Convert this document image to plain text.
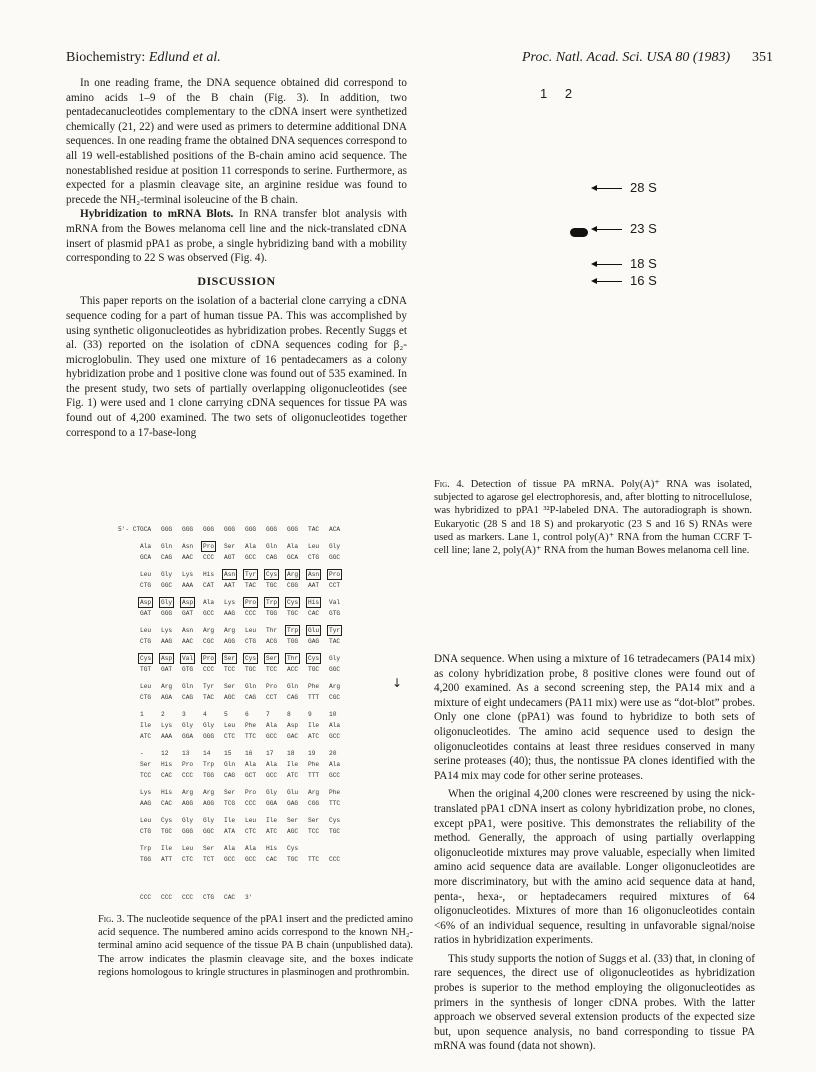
Biochemistry: Edlund et al.	Proc. Natl. Acad. Sci. USA 80 (1983) 351

In one reading frame, the DNA sequence obtained did correspond to amino acids 1–9 of the B chain (Fig. 3). In addition, two pentadecanucleotides complementary to the cDNA insert were synthetized chemically (21, 22) and were used as primers to determine additional DNA sequences. In one reading frame the obtained DNA sequences correspond to all 19 well-established positions of the B-chain amino acid sequence. The nonestablished residue at position 11 corresponds to serine. Furthermore, as expected for a plasmin cleavage site, an arginine residue was found to precede the NH₂-terminal isoleucine of the B chain.

Hybridization to mRNA Blots. In RNA transfer blot analysis with mRNA from the Bowes melanoma cell line and the nick-translated cDNA insert of plasmid pPA1 as probe, a single hybridizing band with a mobility corresponding to 22 S was observed (Fig. 4).

DISCUSSION

This paper reports on the isolation of a bacterial clone carrying a cDNA sequence coding for a part of human tissue PA. This was accomplished by using synthetic oligonucleotides as hybridization probes. Recently Suggs et al. (33) reported on the isolation of cDNA sequences coding for β₂-microglobulin. They used one mixture of 16 pentadecamers as a colony hybridization probe and 1 positive clone was found out of 535 examined. In the present study, two sets of partially overlapping oligonucleotides (see Fig. 1) were used and 1 clone carrying cDNA sequences for tissue PA was found out of 4,200 examined. The two sets of oligonucleotides together correspond to a 17-base-long

5'- CT GCA GGG GGG GGG GGG GGG GGG GGG TAC ACA
Ala Gln Asn Pro Ser Ala Gln Ala Leu Gly
GCA CAG AAC CCC AGT GCC CAG GCA CTG GGC
Leu Gly Lys His Asn Tyr Cys Arg Asn Pro
CTG GGC AAA CAT AAT TAC TGC CGG AAT CCT
Asp Gly Asp Ala Lys Pro Trp Cys His Val
GAT GGG GAT GCC AAG CCC TGG TGC CAC GTG
Leu Lys Asn Arg Arg Leu Thr Trp Glu Tyr
CTG AAG AAC CGC AGG CTG ACG TGG GAG TAC
Cys Asp Val Pro Ser Cys Ser Thr Cys Gly
TGT GAT GTG CCC TCC TGC TCC ACC TGC GGC
Leu Arg Gln Tyr Ser Gln Pro Gln Phe Arg
CTG AGA CAG TAC AGC CAG CCT CAG TTT CGC
1	2	3	4	5	6	7	8	9	10
Ile Lys Gly Gly Leu Phe Ala Asp Ile Ala
ATC AAA GGA GGG CTC TTC GCC GAC ATC GCC
-	12 13 14 15 16 17 18 19 20
Ser His Pro Trp Gln Ala Ala Ile Phe Ala
TCC CAC CCC TGG CAG GCT GCC ATC TTT GCC
Lys His Arg Arg Ser Pro Gly Glu Arg Phe
AAG CAC AGG AGG TCG CCC GGA GAG CGG TTC
Leu Cys Gly Gly Ile Leu Ile Ser Ser Cys
CTG TGC GGG GGC ATA CTC ATC AGC TCC TGC
Trp Ile Leu Ser Ala Ala His Cys
TGG ATT CTC TCT GCC GCC CAC TGC TTC CCC
CCC CCC CCC CTG CAC 3'
↓
Fig. 3. The nucleotide sequence of the pPA1 insert and the predicted amino acid sequence. The numbered amino acids correspond to the known NH₂-terminal amino acid sequence of the tissue PA B chain (unpublished data). The arrow indicates the plasmin cleavage site, and the boxes indicate regions homologous to kringle structures in plasminogen and prothrombin.
1 2
28 S
23 S
18 S
16 S
Fig. 4. Detection of tissue PA mRNA. Poly(A)⁺ RNA was isolated, subjected to agarose gel electrophoresis, and, after blotting to nitrocellulose, was hybridized to pPA1 ³²P-labeled DNA. The autoradiograph is shown. Eukaryotic (28 S and 18 S) and prokaryotic (23 S and 16 S) RNAs were used as markers. Lane 1, control poly(A)⁺ RNA from the human CCRF T-cell line; lane 2, poly(A)⁺ RNA from the human Bowes melanoma cell line.

DNA sequence. When using a mixture of 16 tetradecamers (PA14 mix) as colony hybridization probe, 8 positive clones were found out of 4,200 examined. As a second screening step, the PA14 mix and a mixture of eight undecamers (PA11 mix) were use as “dot-blot” probes. Only one clone (pPA1) was found to hybridize to both sets of oligonucleotides. The amino acid sequence used to design the oligonucleotides contains at least three residues conserved in many serine proteases (40); thus, the nontissue PA clones identified with the PA14 mix may code for other serine proteases.

When the original 4,200 clones were rescreened by using the nick-translated pPA1 cDNA insert as colony hybridization probe, no clones, except pPA1, were positive. This demonstrates the reliability of the method. Generally, the approach of using partially overlapping oligonucleotide mixtures may prove valuable, especially when limited amino acid sequence data are available. Longer oligonucleotides are more discriminatory, but with the amino acid sequence data at hand, penta-, hexa-, or heptadecamers required mixtures of 64 oligonucleotides. Mixtures of more than 16 oligonucleotides contain <6% of an individual sequence, resulting in unfavorable signal/noise ratios in hybridization experiments.

This study supports the notion of Suggs et al. (33) that, in cloning of rare sequences, the direct use of oligonucleotides as hybridization probes is superior to the method employing the oligonucleotides as primers in the synthesis of longer cDNA probes. With the latter approach we observed several extension products of the expected size but, upon sequence analysis, no band corresponding to tissue PA mRNA was found (data not shown).
